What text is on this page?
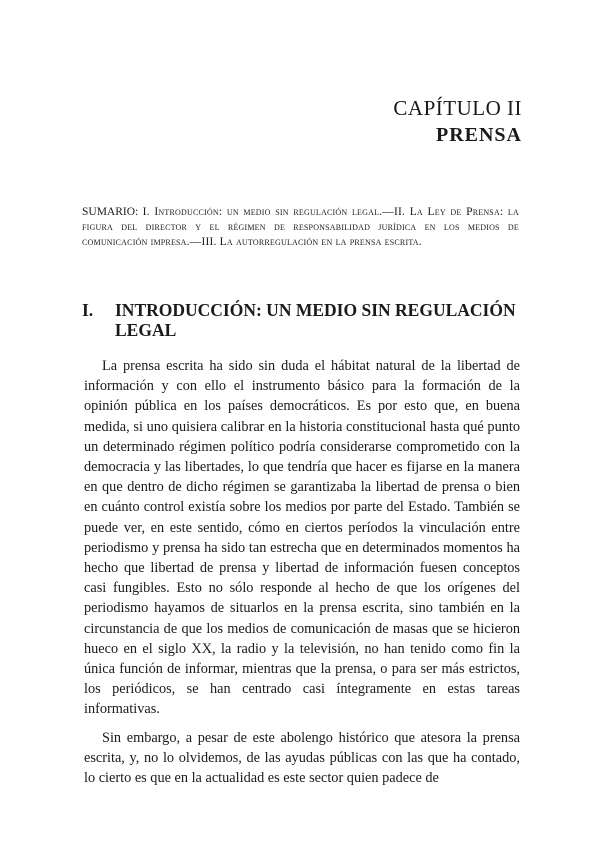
CAPÍTULO II
PRENSA
SUMARIO: I. Introducción: un medio sin regulación legal.—II. La Ley de Prensa: la figura del director y el régimen de responsabilidad jurídica en los medios de comunicación impresa.—III. La autorregulación en la prensa escrita.
I.	INTRODUCCIÓN: UN MEDIO SIN REGULACIÓN LEGAL

La prensa escrita ha sido sin duda el hábitat natural de la libertad de información y con ello el instrumento básico para la formación de la opinión pública en los países democráticos. Es por esto que, en buena medida, si uno quisiera calibrar en la historia constitucional hasta qué punto un determinado régimen político podría considerarse comprometido con la democracia y las libertades, lo que tendría que hacer es fijarse en la manera en que dentro de dicho régimen se garantizaba la libertad de prensa o bien en cuánto control existía sobre los medios por parte del Estado. También se puede ver, en este sentido, cómo en ciertos períodos la vinculación entre periodismo y prensa ha sido tan estrecha que en determinados momentos ha hecho que libertad de prensa y libertad de información fuesen conceptos casi fungibles. Esto no sólo responde al hecho de que los orígenes del periodismo hayamos de situarlos en la prensa escrita, sino también en la circunstancia de que los medios de comunicación de masas que se hicieron hueco en el siglo XX, la radio y la televisión, no han tenido como fin la única función de informar, mientras que la prensa, o para ser más estrictos, los periódicos, se han centrado casi íntegramente en estas tareas informativas.

Sin embargo, a pesar de este abolengo histórico que atesora la prensa escrita, y, no lo olvidemos, de las ayudas públicas con las que ha contado, lo cierto es que en la actualidad es este sector quien padece de
